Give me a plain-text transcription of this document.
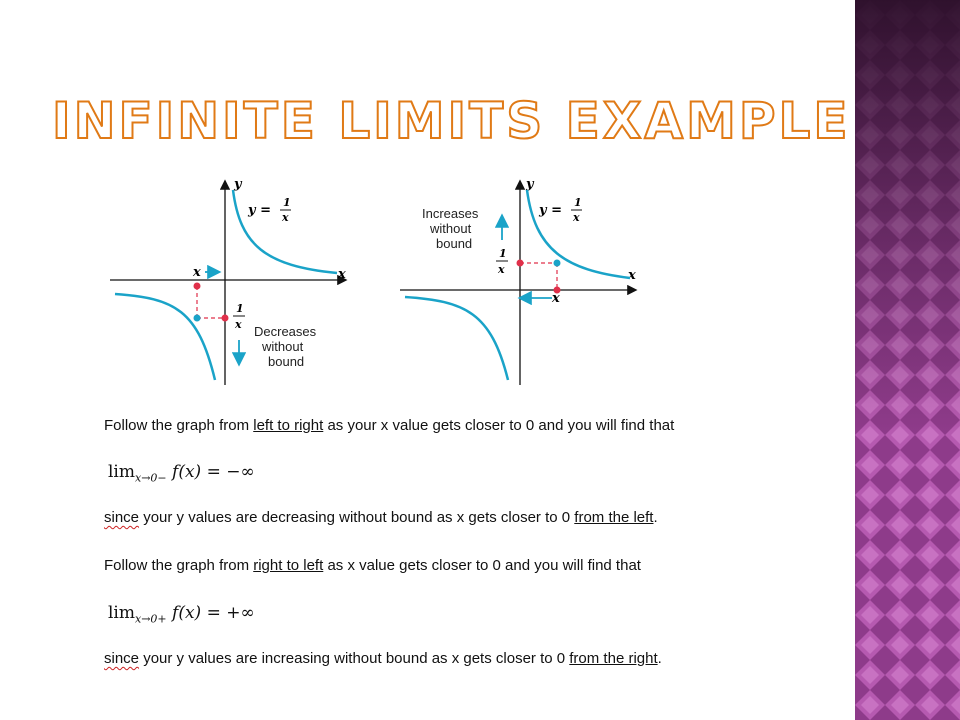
INFINITE LIMITS EXAMPLE
y
x
y =
1
x
x
1
x Decreases
without
bound
y
x
y =
1
x
1
x
Increases
without
bound
x
Follow the graph from left to right as your x value gets closer to 0 and you will find that
$\lim_{x\to 0-} f(x)$ = −∞
since your y values are decreasing without bound as x gets closer to 0 from the left.
Follow the graph from right to left as x value gets closer to 0 and you will find that
$\lim_{x\to 0+} f(x)$ = +∞
since your y values are increasing without bound as x gets closer to 0 from the right.
